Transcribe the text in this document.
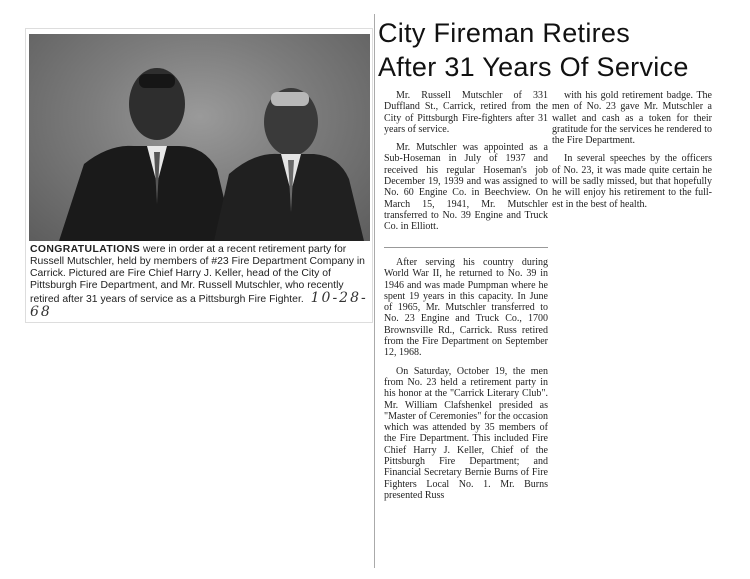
CONGRATULATIONS were in order at a recent retirement party for Russell Mutschler, held by members of #23 Fire Department Company in Carrick. Pictured are Fire Chief Harry J. Keller, head of the City of Pittsburgh Fire Department, and Mr. Russell Mutschler, who recently retired after 31 years of service as a Pittsburgh Fire Fighter. 10-28-68
City Fireman Retires
After 31 Years Of Service

Mr. Russell Mutschler of 331 Duffland St., Carrick, retired from the City of Pittsburgh Fire-fighters after 31 years of service.

Mr. Mutschler was appointed as a Sub-Hoseman in July of 1937 and received his regular Hoseman's job December 19, 1939 and was assigned to No. 60 Engine Co. in Beechview. On March 15, 1941, Mr. Mutschler transferred to No. 39 Engine and Truck Co. in Elliott.

After serving his country during World War II, he returned to No. 39 in 1946 and was made Pumpman where he spent 19 years in this capacity. In June of 1965, Mr. Mutschler transferred to No. 23 Engine and Truck Co., 1700 Brownsville Rd., Carrick. Russ retired from the Fire Department on September 12, 1968.

On Saturday, October 19, the men from No. 23 held a retirement party in his honor at the "Carrick Literary Club". Mr. William Clafshenkel presided as "Master of Ceremonies" for the occasion which was attended by 35 members of the Fire Department. This included Fire Chief Harry J. Keller, Chief of the Pittsburgh Fire Department; and Financial Secretary Bernie Burns of Fire Fighters Local No. 1. Mr. Burns presented Russ

with his gold retirement badge. The men of No. 23 gave Mr. Mutschler a wallet and cash as a token for their gratitude for the services he rendered to the Fire Department.

In several speeches by the officers of No. 23, it was made quite certain he will be sadly missed, but that hopefully he will enjoy his retirement to the full-est in the best of health.
